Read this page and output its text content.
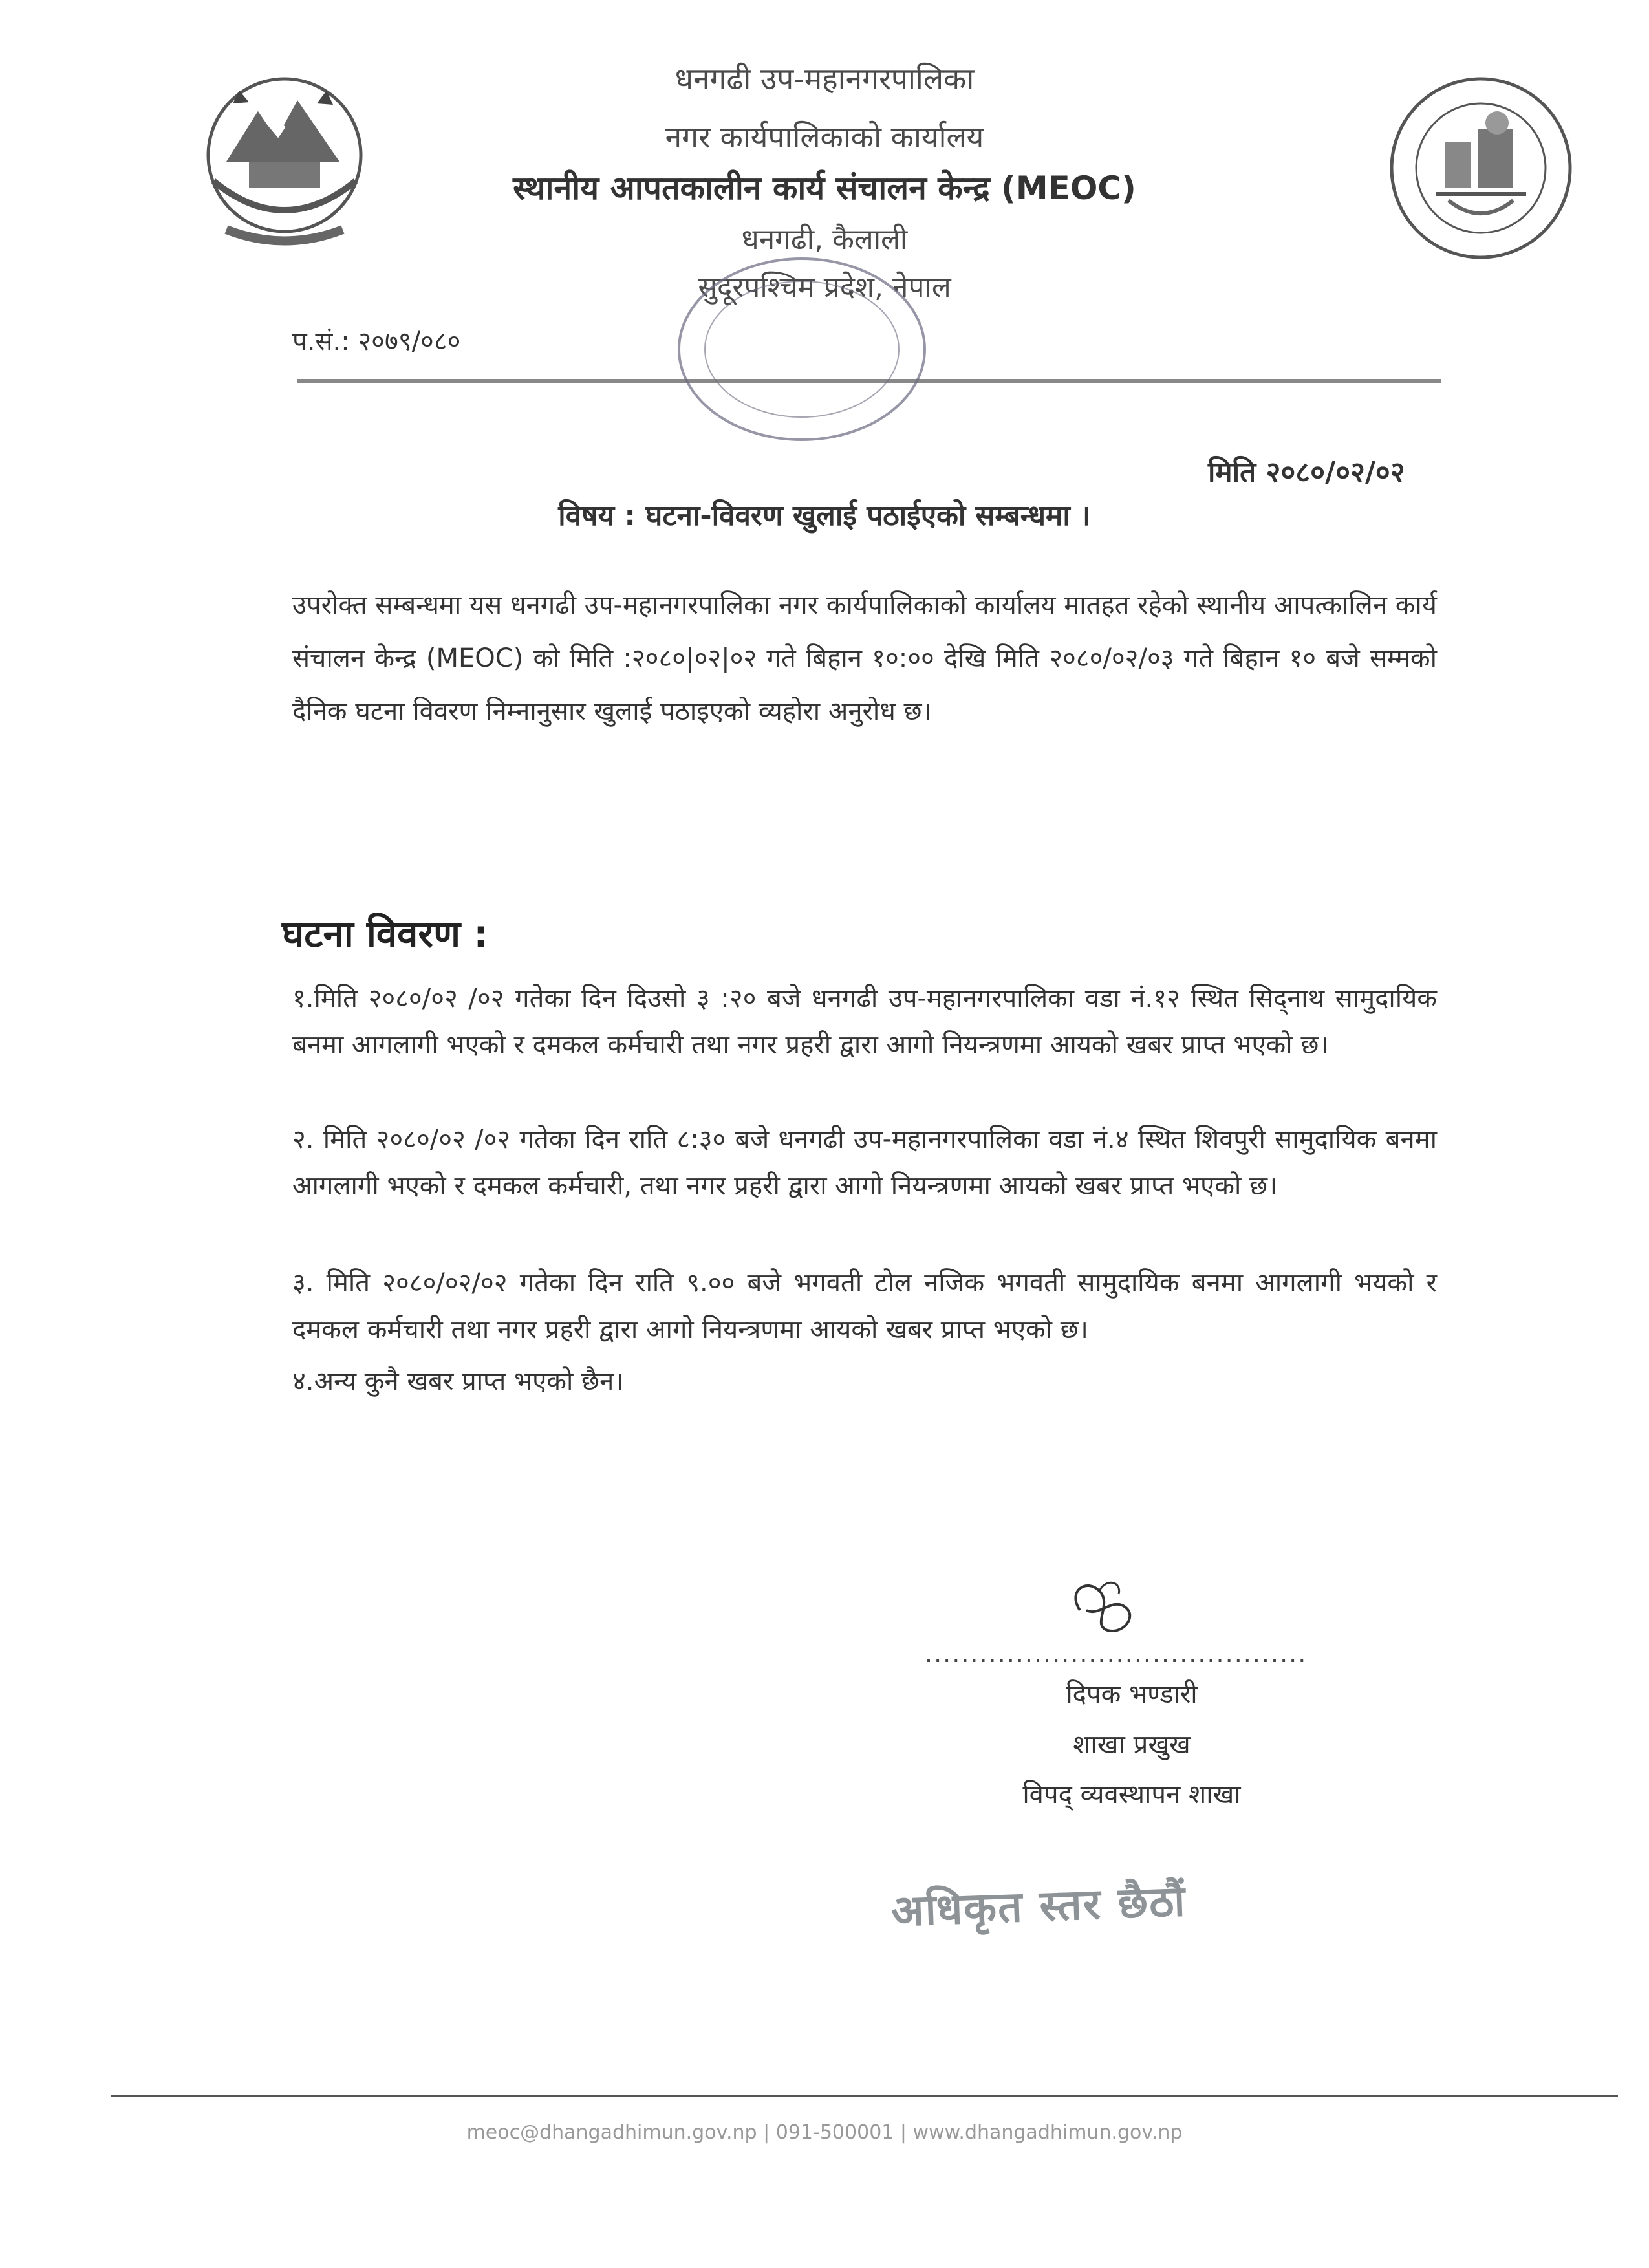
धनगढी उप-महानगरपालिका
नगर कार्यपालिकाको कार्यालय
स्थानीय आपतकालीन कार्य संचालन केन्द्र (MEOC)
धनगढी, कैलाली
सुदूरपश्चिम प्रदेश, नेपाल
प.सं.: २०७९/०८०
मिति २०८०/०२/०२
विषय : घटना-विवरण खुलाई पठाईएको सम्बन्धमा ।
उपरोक्त सम्बन्धमा यस धनगढी उप-महानगरपालिका नगर कार्यपालिकाको कार्यालय मातहत रहेको स्थानीय आपत्कालिन कार्य संचालन केन्द्र (MEOC) को मिति :२०८०|०२|०२ गते बिहान १०:०० देखि मिति २०८०/०२/०३ गते बिहान १० बजे सम्मको दैनिक घटना विवरण निम्नानुसार खुलाई पठाइएको व्यहोरा अनुरोध छ।
घटना विवरण :
१.मिति २०८०/०२ /०२ गतेका दिन दिउसो ३ :२० बजे धनगढी उप-महानगरपालिका वडा नं.१२ स्थित सिद्नाथ सामुदायिक बनमा आगलागी भएको र दमकल कर्मचारी तथा नगर प्रहरी द्वारा आगो नियन्त्रणमा आयको खबर प्राप्त भएको छ।
२. मिति २०८०/०२ /०२ गतेका दिन राति ८:३० बजे धनगढी उप-महानगरपालिका वडा नं.४ स्थित शिवपुरी सामुदायिक बनमा आगलागी भएको र दमकल कर्मचारी, तथा नगर प्रहरी द्वारा आगो नियन्त्रणमा आयको खबर प्राप्त भएको छ।
३. मिति २०८०/०२/०२ गतेका दिन राति ९.०० बजे भगवती टोल नजिक भगवती सामुदायिक बनमा आगलागी भयको र दमकल कर्मचारी तथा नगर प्रहरी द्वारा आगो नियन्त्रणमा आयको खबर प्राप्त भएको छ।
४.अन्य कुनै खबर प्राप्त भएको छैन।
..........................................
दिपक भण्डारी
शाखा प्रखुख
विपद् व्यवस्थापन शाखा
अधिकृत स्तर छैठौं
meoc@dhangadhimun.gov.np | 091-500001 | www.dhangadhimun.gov.np
